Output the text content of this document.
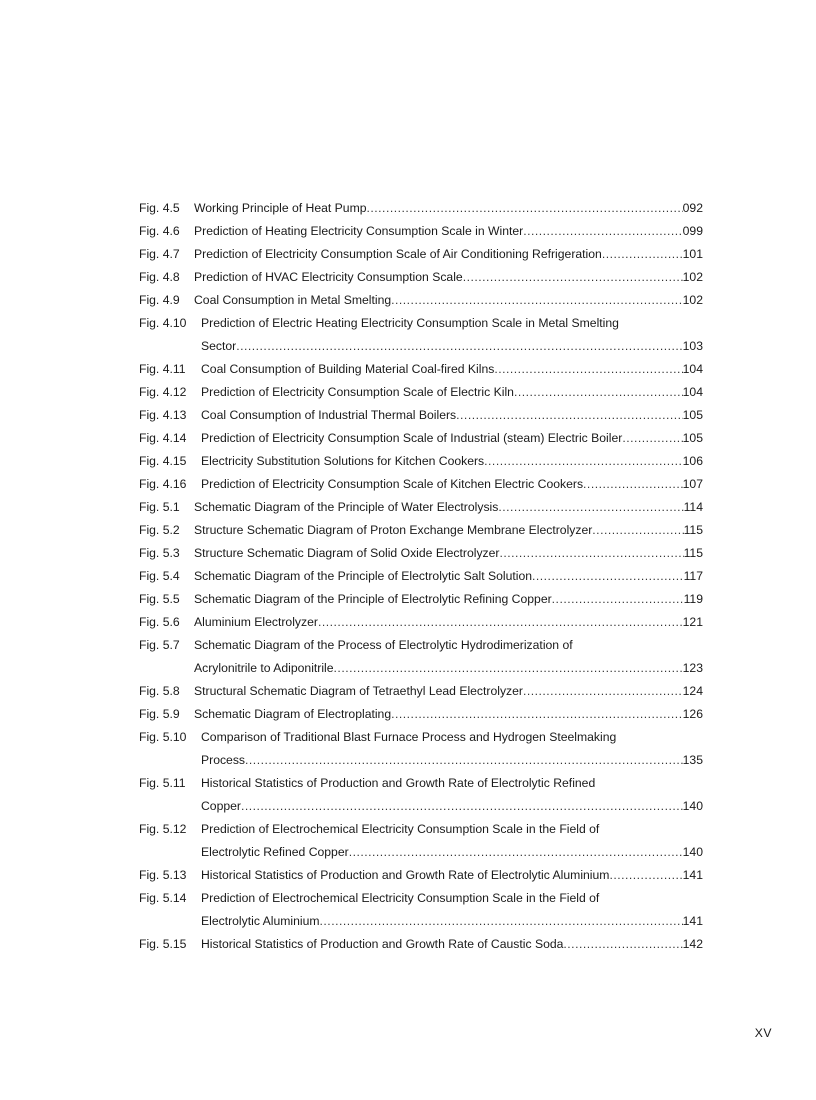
Fig. 4.5	Working Principle of Heat Pump .....	092
Fig. 4.6	Prediction of Heating Electricity Consumption Scale in Winter .....	099
Fig. 4.7	Prediction of Electricity Consumption Scale of Air Conditioning Refrigeration .....	101
Fig. 4.8	Prediction of HVAC Electricity Consumption Scale .....	102
Fig. 4.9	Coal Consumption in Metal Smelting .....	102
Fig. 4.10	Prediction of Electric Heating Electricity Consumption Scale in Metal Smelting
Sector .....	103
Fig. 4.11	Coal Consumption of Building Material Coal-fired Kilns .....	104
Fig. 4.12	Prediction of Electricity Consumption Scale of Electric Kiln .....	104
Fig. 4.13	Coal Consumption of Industrial Thermal Boilers .....	105
Fig. 4.14	Prediction of Electricity Consumption Scale of Industrial (steam) Electric Boiler .....	105
Fig. 4.15	Electricity Substitution Solutions for Kitchen Cookers .....	106
Fig. 4.16	Prediction of Electricity Consumption Scale of Kitchen Electric Cookers .....	107
Fig. 5.1	Schematic Diagram of the Principle of Water Electrolysis .....	114
Fig. 5.2	Structure Schematic Diagram of Proton Exchange Membrane Electrolyzer .....	115
Fig. 5.3	Structure Schematic Diagram of Solid Oxide Electrolyzer .....	115
Fig. 5.4	Schematic Diagram of the Principle of Electrolytic Salt Solution .....	117
Fig. 5.5	Schematic Diagram of the Principle of Electrolytic Refining Copper .....	119
Fig. 5.6	Aluminium Electrolyzer .....	121
Fig. 5.7	Schematic Diagram of the Process of Electrolytic Hydrodimerization of
Acrylonitrile to Adiponitrile .....	123
Fig. 5.8	Structural Schematic Diagram of Tetraethyl Lead Electrolyzer .....	124
Fig. 5.9	Schematic Diagram of Electroplating .....	126
Fig. 5.10	Comparison of Traditional Blast Furnace Process and Hydrogen Steelmaking
Process .....	135
Fig. 5.11	Historical Statistics of Production and Growth Rate of Electrolytic Refined
Copper .....	140
Fig. 5.12	Prediction of Electrochemical Electricity Consumption Scale in the Field of
Electrolytic Refined Copper .....	140
Fig. 5.13	Historical Statistics of Production and Growth Rate of Electrolytic Aluminium .....	141
Fig. 5.14	Prediction of Electrochemical Electricity Consumption Scale in the Field of
Electrolytic Aluminium .....	141
Fig. 5.15	Historical Statistics of Production and Growth Rate of Caustic Soda .....	142
XV
